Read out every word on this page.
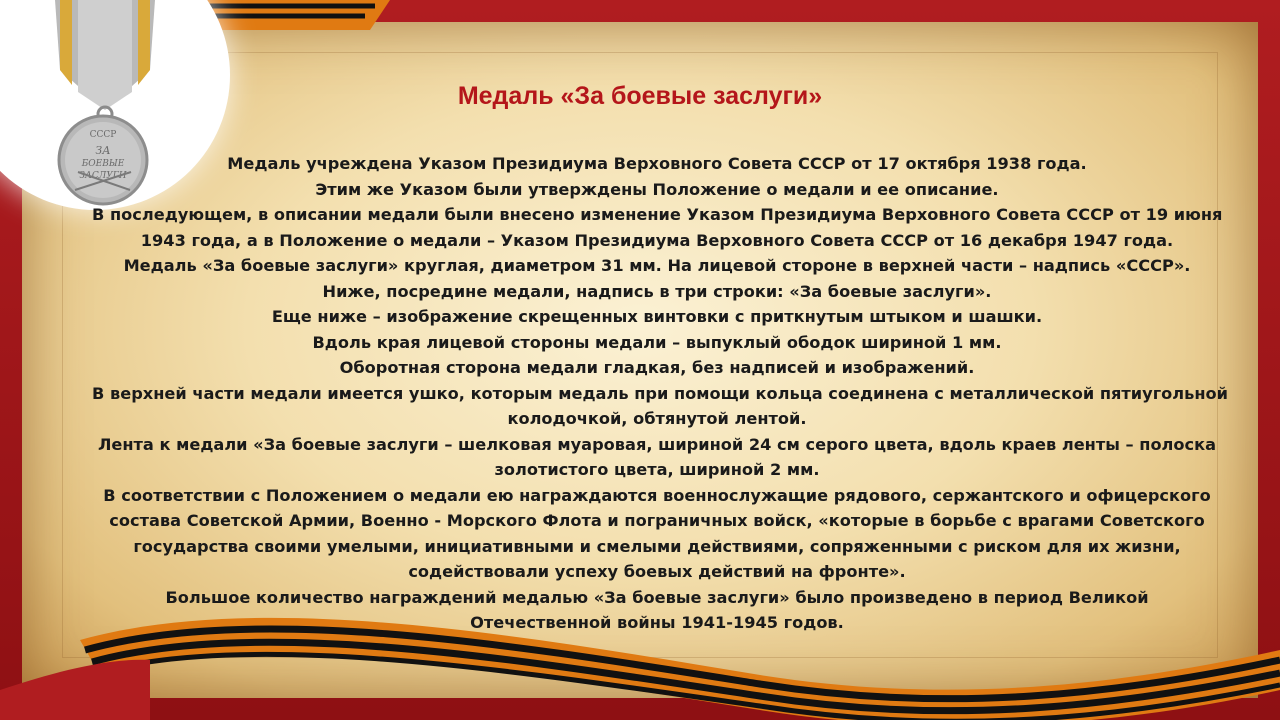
СССР
ЗА
БОЕВЫЕ
ЗАСЛУГИ
Медаль «За боевые заслуги»
Медаль учреждена Указом Президиума Верховного Совета СССР от 17 октября 1938 года.
Этим же Указом были утверждены Положение о медали и ее описание.
В последующем, в описании медали были внесено изменение Указом Президиума Верховного Совета СССР от 19 июня
1943 года, а в Положение о медали – Указом Президиума Верховного Совета СССР от 16 декабря 1947 года.
Медаль «За боевые заслуги» круглая, диаметром 31 мм. На лицевой стороне в верхней части – надпись «СССР».
Ниже, посредине медали, надпись в три строки: «За боевые заслуги».
Еще ниже – изображение скрещенных винтовки с приткнутым штыком и шашки.
Вдоль края лицевой стороны медали – выпуклый ободок шириной 1 мм.
Оборотная сторона медали гладкая, без надписей и изображений.
В верхней части медали имеется ушко, которым медаль при помощи кольца соединена с металлической пятиугольной
колодочкой, обтянутой лентой.
Лента к медали «За боевые заслуги – шелковая муаровая, шириной 24 см серого цвета, вдоль краев ленты – полоска
золотистого цвета, шириной 2 мм.
В соответствии с Положением о медали ею награждаются военнослужащие рядового, сержантского и офицерского
состава Советской Армии, Военно - Морского Флота и пограничных войск, «которые в борьбе с врагами Советского
государства своими умелыми, инициативными и смелыми действиями, сопряженными с риском для их жизни,
содействовали успеху боевых действий на фронте».
Большое количество награждений медалью «За боевые заслуги» было произведено в период Великой
Отечественной войны 1941-1945 годов.
